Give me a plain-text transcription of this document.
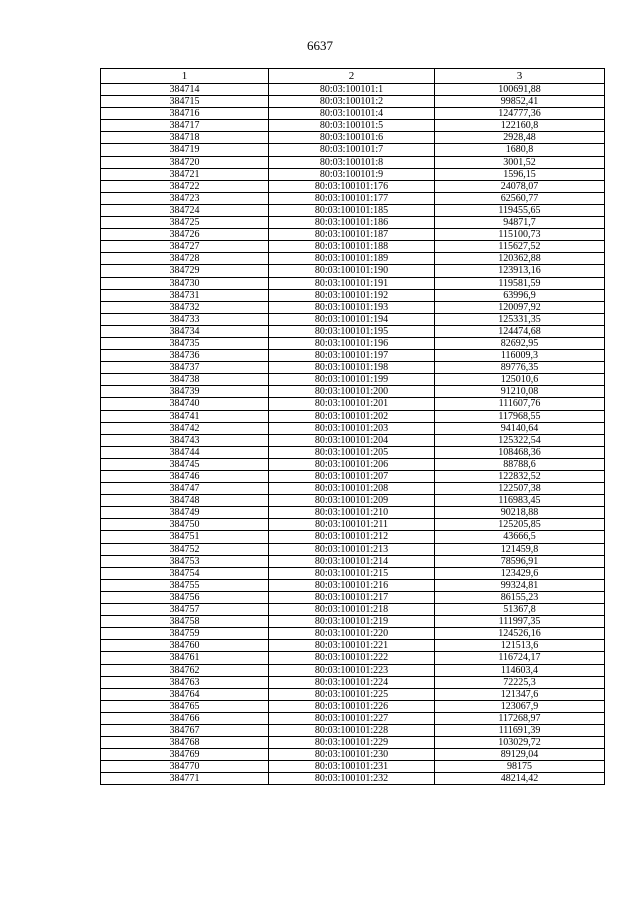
6637
1	2	3
384714	80:03:100101:1	100691,88
384715	80:03:100101:2	99852,41
384716	80:03:100101:4	124777,36
384717	80:03:100101:5	122160,8
384718	80:03:100101:6	2928,48
384719	80:03:100101:7	1680,8
384720	80:03:100101:8	3001,52
384721	80:03:100101:9	1596,15
384722	80:03:100101:176	24078,07
384723	80:03:100101:177	62560,77
384724	80:03:100101:185	119455,65
384725	80:03:100101:186	94871,7
384726	80:03:100101:187	115100,73
384727	80:03:100101:188	115627,52
384728	80:03:100101:189	120362,88
384729	80:03:100101:190	123913,16
384730	80:03:100101:191	119581,59
384731	80:03:100101:192	63996,9
384732	80:03:100101:193	120097,92
384733	80:03:100101:194	125331,35
384734	80:03:100101:195	124474,68
384735	80:03:100101:196	82692,95
384736	80:03:100101:197	116009,3
384737	80:03:100101:198	89776,35
384738	80:03:100101:199	125010,6
384739	80:03:100101:200	91210,08
384740	80:03:100101:201	111607,76
384741	80:03:100101:202	117968,55
384742	80:03:100101:203	94140,64
384743	80:03:100101:204	125322,54
384744	80:03:100101:205	108468,36
384745	80:03:100101:206	88788,6
384746	80:03:100101:207	122832,52
384747	80:03:100101:208	122507,38
384748	80:03:100101:209	116983,45
384749	80:03:100101:210	90218,88
384750	80:03:100101:211	125205,85
384751	80:03:100101:212	43666,5
384752	80:03:100101:213	121459,8
384753	80:03:100101:214	78596,91
384754	80:03:100101:215	123429,6
384755	80:03:100101:216	99324,81
384756	80:03:100101:217	86155,23
384757	80:03:100101:218	51367,8
384758	80:03:100101:219	111997,35
384759	80:03:100101:220	124526,16
384760	80:03:100101:221	121513,6
384761	80:03:100101:222	116724,17
384762	80:03:100101:223	114603,4
384763	80:03:100101:224	72225,3
384764	80:03:100101:225	121347,6
384765	80:03:100101:226	123067,9
384766	80:03:100101:227	117268,97
384767	80:03:100101:228	111691,39
384768	80:03:100101:229	103029,72
384769	80:03:100101:230	89129,04
384770	80:03:100101:231	98175
384771	80:03:100101:232	48214,42
